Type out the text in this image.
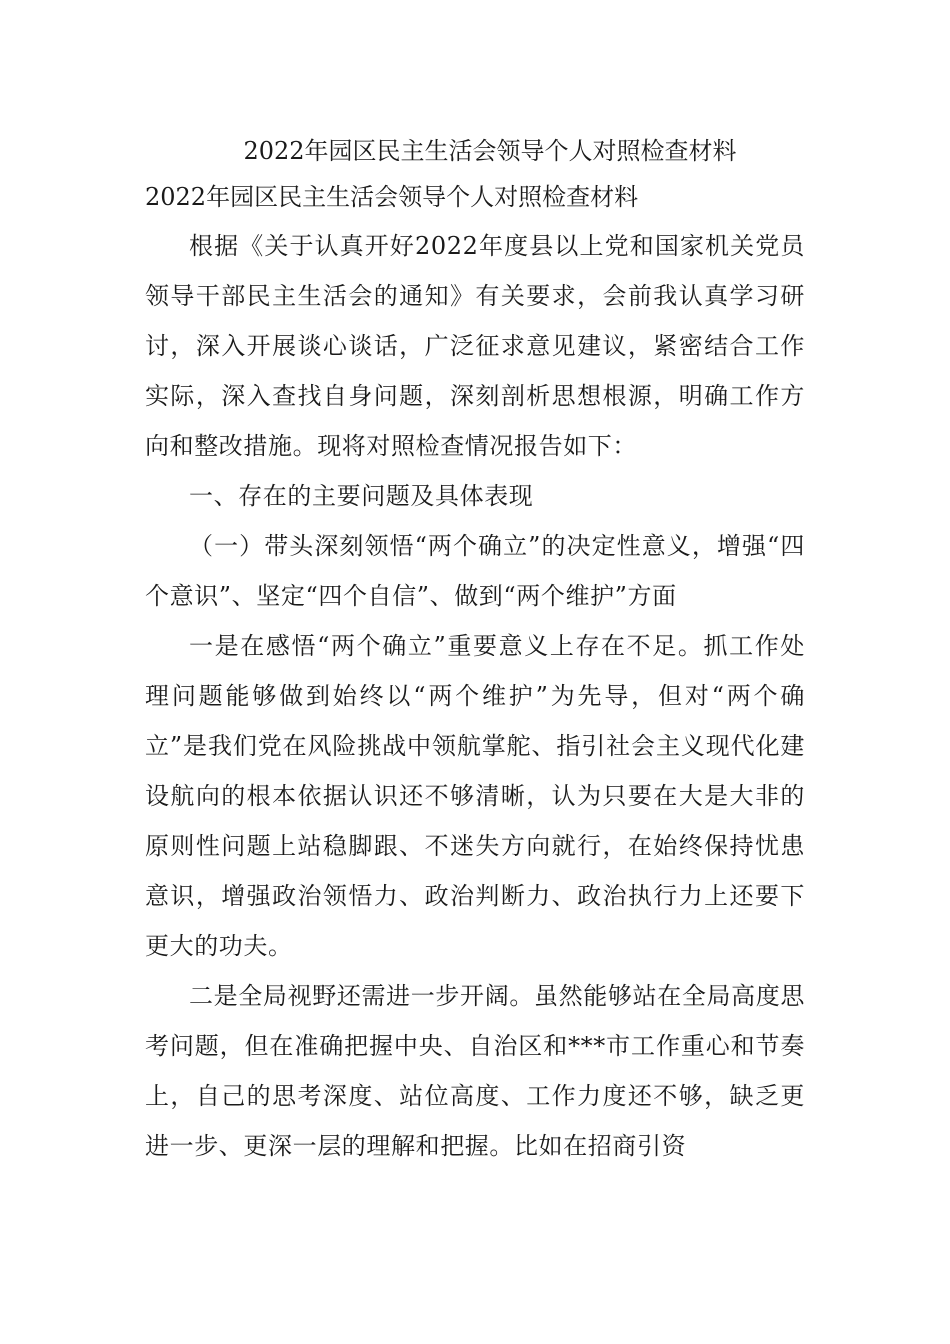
2022年园区民主生活会领导个人对照检查材料
2022年园区民主生活会领导个人对照检查材料

根据《关于认真开好2022年度县以上党和国家机关党员领导干部民主生活会的通知》有关要求，会前我认真学习研讨，深入开展谈心谈话，广泛征求意见建议，紧密结合工作实际，深入查找自身问题，深刻剖析思想根源，明确工作方向和整改措施。现将对照检查情况报告如下：

一、存在的主要问题及具体表现

（一）带头深刻领悟“两个确立”的决定性意义，增强“四个意识”、坚定“四个自信”、做到“两个维护”方面

一是在感悟“两个确立”重要意义上存在不足。抓工作处理问题能够做到始终以“两个维护”为先导，但对“两个确立”是我们党在风险挑战中领航掌舵、指引社会主义现代化建设航向的根本依据认识还不够清晰，认为只要在大是大非的原则性问题上站稳脚跟、不迷失方向就行，在始终保持忧患意识，增强政治领悟力、政治判断力、政治执行力上还要下更大的功夫。

二是全局视野还需进一步开阔。虽然能够站在全局高度思考问题，但在准确把握中央、自治区和***市工作重心和节奏上，自己的思考深度、站位高度、工作力度还不够，缺乏更进一步、更深一层的理解和把握。比如在招商引资
